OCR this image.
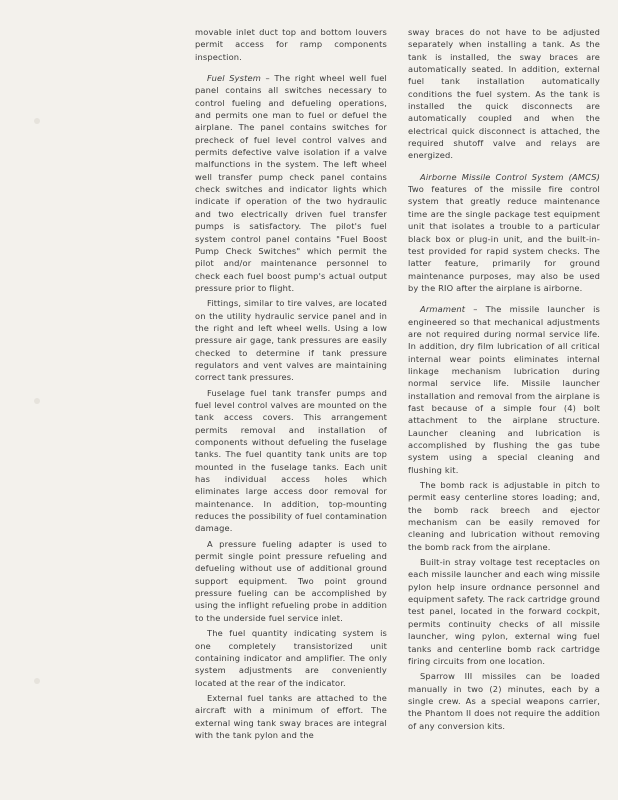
movable inlet duct top and bottom louvers permit access for ramp components inspection.

Fuel System – The right wheel well fuel panel contains all switches necessary to control fueling and defueling operations, and permits one man to fuel or defuel the airplane. The panel contains switches for precheck of fuel level control valves and permits defective valve isolation if a valve malfunctions in the system. The left wheel well transfer pump check panel contains check switches and indicator lights which indicate if operation of the two hydraulic and two electrically driven fuel transfer pumps is satisfactory. The pilot's fuel system control panel contains "Fuel Boost Pump Check Switches" which permit the pilot and/or maintenance personnel to check each fuel boost pump's actual output pressure prior to flight.

Fittings, similar to tire valves, are located on the utility hydraulic service panel and in the right and left wheel wells. Using a low pressure air gage, tank pressures are easily checked to determine if tank pressure regulators and vent valves are maintaining correct tank pressures.

Fuselage fuel tank transfer pumps and fuel level control valves are mounted on the tank access covers. This arrangement permits removal and installation of components without defueling the fuselage tanks. The fuel quantity tank units are top mounted in the fuselage tanks. Each unit has individual access holes which eliminates large access door removal for maintenance. In addition, top-mounting reduces the possibility of fuel contamination damage.

A pressure fueling adapter is used to permit single point pressure refueling and defueling without use of additional ground support equipment. Two point ground pressure fueling can be accomplished by using the inflight refueling probe in addition to the underside fuel service inlet.

The fuel quantity indicating system is one completely transistorized unit containing indicator and amplifier. The only system adjustments are conveniently located at the rear of the indicator.

External fuel tanks are attached to the aircraft with a minimum of effort. The external wing tank sway braces are integral with the tank pylon and the

sway braces do not have to be adjusted separately when installing a tank. As the tank is installed, the sway braces are automatically seated. In addition, external fuel tank installation automatically conditions the fuel system. As the tank is installed the quick disconnects are automatically coupled and when the electrical quick disconnect is attached, the required shutoff valve and relays are energized.

Airborne Missile Control System (AMCS) Two features of the missile fire control system that greatly reduce maintenance time are the single package test equipment unit that isolates a trouble to a particular black box or plug-in unit, and the built-in-test provided for rapid system checks. The latter feature, primarily for ground maintenance purposes, may also be used by the RIO after the airplane is airborne.

Armament – The missile launcher is engineered so that mechanical adjustments are not required during normal service life. In addition, dry film lubrication of all critical internal wear points eliminates internal linkage mechanism lubrication during normal service life. Missile launcher installation and removal from the airplane is fast because of a simple four (4) bolt attachment to the airplane structure. Launcher cleaning and lubrication is accomplished by flushing the gas tube system using a special cleaning and flushing kit.

The bomb rack is adjustable in pitch to permit easy centerline stores loading; and, the bomb rack breech and ejector mechanism can be easily removed for cleaning and lubrication without removing the bomb rack from the airplane.

Built-in stray voltage test receptacles on each missile launcher and each wing missile pylon help insure ordnance personnel and equipment safety. The rack cartridge ground test panel, located in the forward cockpit, permits continuity checks of all missile launcher, wing pylon, external wing fuel tanks and centerline bomb rack cartridge firing circuits from one location.

Sparrow III missiles can be loaded manually in two (2) minutes, each by a single crew. As a special weapons carrier, the Phantom II does not require the addition of any conversion kits.
